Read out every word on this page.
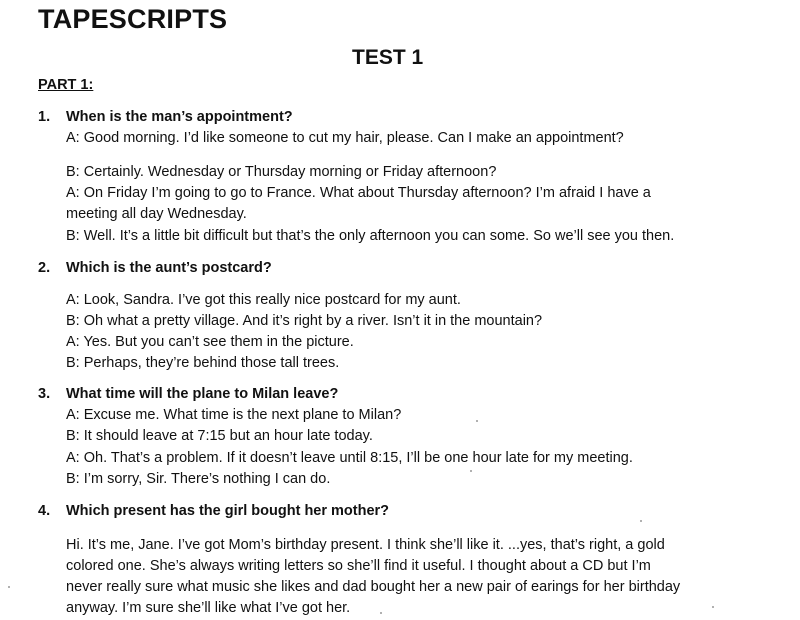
TAPESCRIPTS
TEST 1
PART 1:
1. When is the man’s appointment?
A: Good morning. I’d like someone to cut my hair, please. Can I make an appointment?
B: Certainly. Wednesday or Thursday morning or Friday afternoon?
A: On Friday I’m going to go to France. What about Thursday afternoon? I’m afraid I have a
meeting all day Wednesday.
B: Well. It’s a little bit difficult but that’s the only afternoon you can some. So we’ll see you then.
2. Which is the aunt’s postcard?
A: Look, Sandra. I’ve got this really nice postcard for my aunt.
B: Oh what a pretty village. And it’s right by a river. Isn’t it in the mountain?
A: Yes. But you can’t see them in the picture.
B: Perhaps, they’re behind those tall trees.
3. What time will the plane to Milan leave?
A: Excuse me. What time is the next plane to Milan?
B: It should leave at 7:15 but an hour late today.
A: Oh. That’s a problem. If it doesn’t leave until 8:15, I’ll be one hour late for my meeting.
B: I’m sorry, Sir. There’s nothing I can do.
4. Which present has the girl bought her mother?
Hi. It’s me, Jane. I’ve got Mom’s birthday present. I think she’ll like it. ...yes, that’s right, a gold
colored one. She’s always writing letters so she’ll find it useful. I thought about a CD but I’m
never really sure what music she likes and dad bought her a new pair of earings for her birthday
anyway. I’m sure she’ll like what I’ve got her.
